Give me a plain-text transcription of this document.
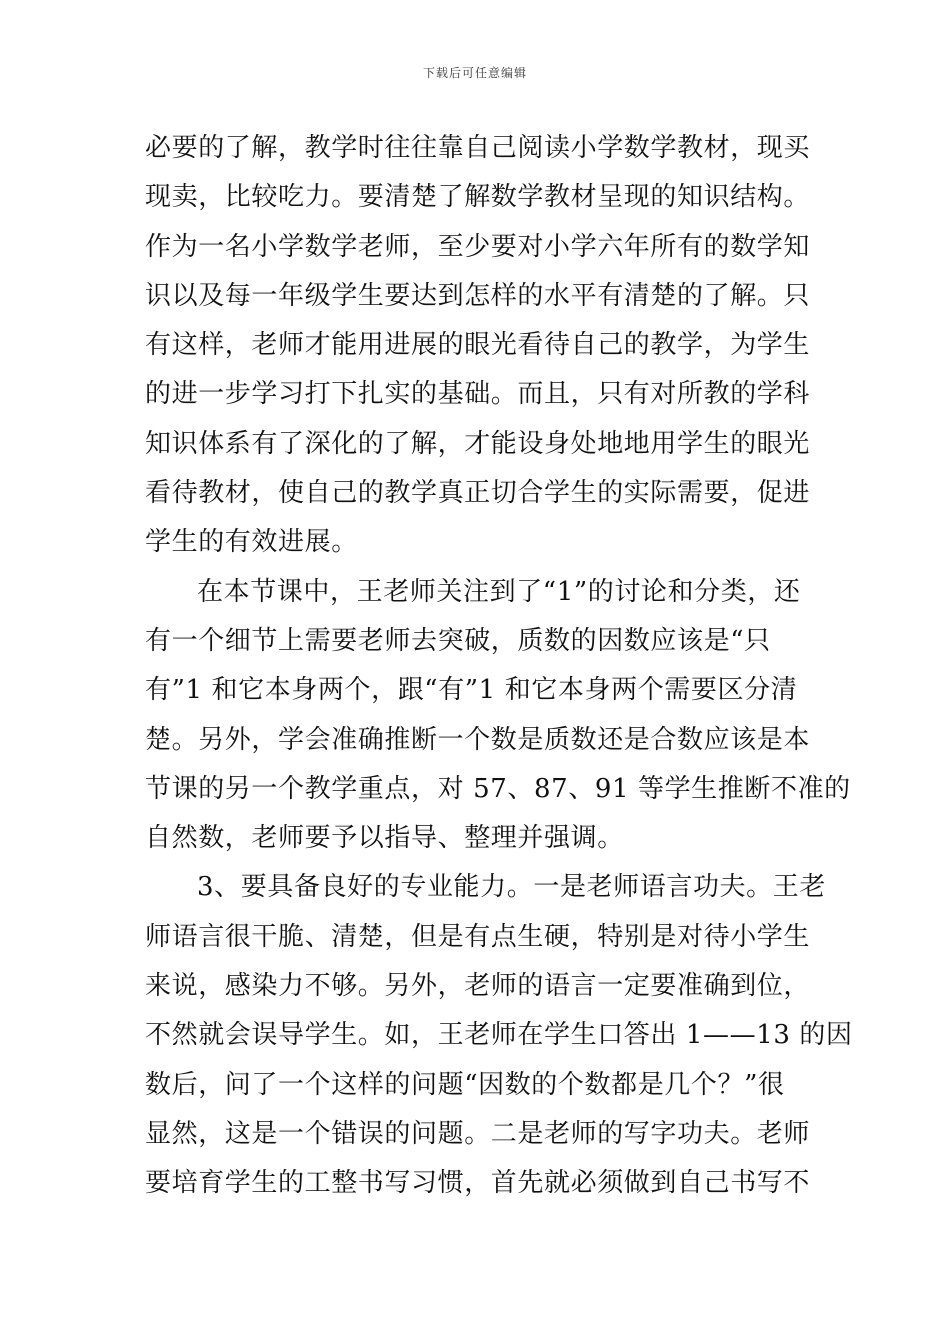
下载后可任意编辑
必要的了解，教学时往往靠自己阅读小学数学教材，现买
现卖，比较吃力。要清楚了解数学教材呈现的知识结构。
作为一名小学数学老师，至少要对小学六年所有的数学知
识以及每一年级学生要达到怎样的水平有清楚的了解。只
有这样，老师才能用进展的眼光看待自己的教学，为学生
的进一步学习打下扎实的基础。而且，只有对所教的学科
知识体系有了深化的了解，才能设身处地地用学生的眼光
看待教材，使自己的教学真正切合学生的实际需要，促进
学生的有效进展。
在本节课中，王老师关注到了“1”的讨论和分类，还
有一个细节上需要老师去突破，质数的因数应该是“只
有”1 和它本身两个，跟“有”1 和它本身两个需要区分清
楚。另外，学会准确推断一个数是质数还是合数应该是本
节课的另一个教学重点，对 57、87、91 等学生推断不准的
自然数，老师要予以指导、整理并强调。
3、要具备良好的专业能力。一是老师语言功夫。王老
师语言很干脆、清楚，但是有点生硬，特别是对待小学生
来说，感染力不够。另外，老师的语言一定要准确到位，
不然就会误导学生。如，王老师在学生口答出 1——13 的因
数后，问了一个这样的问题“因数的个数都是几个？”很
显然，这是一个错误的问题。二是老师的写字功夫。老师
要培育学生的工整书写习惯，首先就必须做到自己书写不
